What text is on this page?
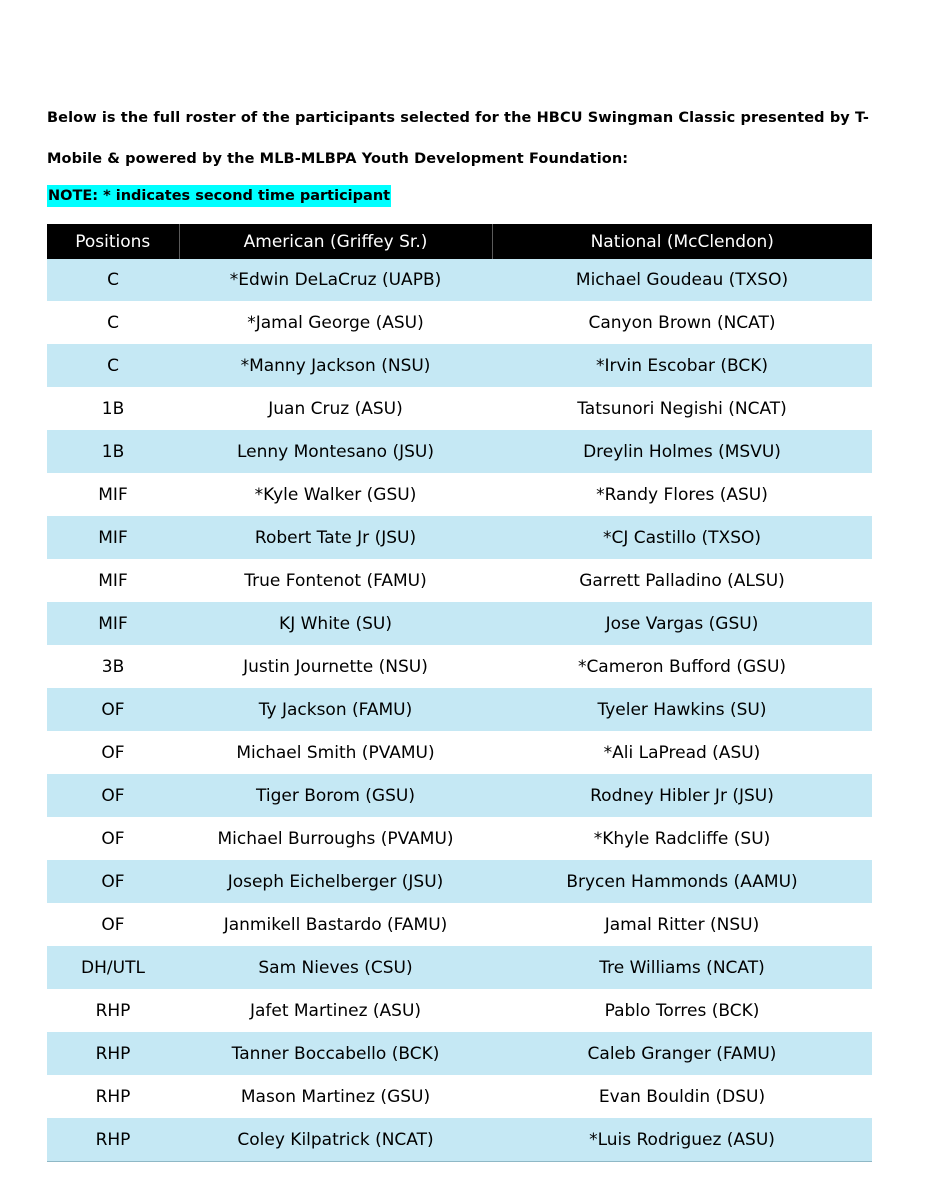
Below is the full roster of the participants selected for the HBCU Swingman Classic presented by T-Mobile & powered by the MLB-MLBPA Youth Development Foundation:

NOTE: * indicates second time participant

Positions	American (Griffey Sr.)	National (McClendon)
C	*Edwin DeLaCruz (UAPB)	Michael Goudeau (TXSO)
C	*Jamal George (ASU)	Canyon Brown (NCAT)
C	*Manny Jackson (NSU)	*Irvin Escobar (BCK)
1B	Juan Cruz (ASU)	Tatsunori Negishi (NCAT)
1B	Lenny Montesano (JSU)	Dreylin Holmes (MSVU)
MIF	*Kyle Walker (GSU)	*Randy Flores (ASU)
MIF	Robert Tate Jr (JSU)	*CJ Castillo (TXSO)
MIF	True Fontenot (FAMU)	Garrett Palladino (ALSU)
MIF	KJ White (SU)	Jose Vargas (GSU)
3B	Justin Journette (NSU)	*Cameron Bufford (GSU)
OF	Ty Jackson (FAMU)	Tyeler Hawkins (SU)
OF	Michael Smith (PVAMU)	*Ali LaPread (ASU)
OF	Tiger Borom (GSU)	Rodney Hibler Jr (JSU)
OF	Michael Burroughs (PVAMU)	*Khyle Radcliffe (SU)
OF	Joseph Eichelberger (JSU)	Brycen Hammonds (AAMU)
OF	Janmikell Bastardo (FAMU)	Jamal Ritter (NSU)
DH/UTL	Sam Nieves (CSU)	Tre Williams (NCAT)
RHP	Jafet Martinez (ASU)	Pablo Torres (BCK)
RHP	Tanner Boccabello (BCK)	Caleb Granger (FAMU)
RHP	Mason Martinez (GSU)	Evan Bouldin (DSU)
RHP	Coley Kilpatrick (NCAT)	*Luis Rodriguez (ASU)
